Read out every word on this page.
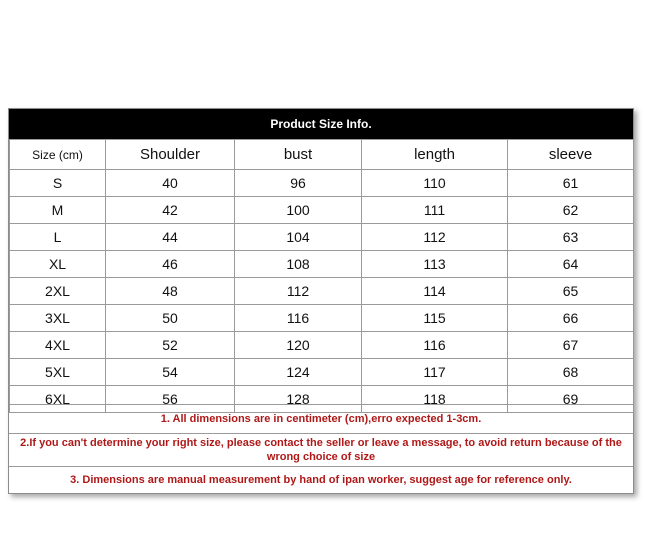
Product Size Info.
Size (cm)	Shoulder	bust	length	sleeve
S	40	96	110	61
M	42	100	111	62
L	44	104	112	63
XL	46	108	113	64
2XL	48	112	114	65
3XL	50	116	115	66
4XL	52	120	116	67
5XL	54	124	117	68
6XL	56	128	118	69
1. All dimensions are in centimeter (cm),erro expected 1-3cm.
2.If you can't determine your right size, please contact the seller or leave a message, to avoid return because of the wrong choice of size
3. Dimensions are manual measurement by hand of ipan worker, suggest age for reference only.
